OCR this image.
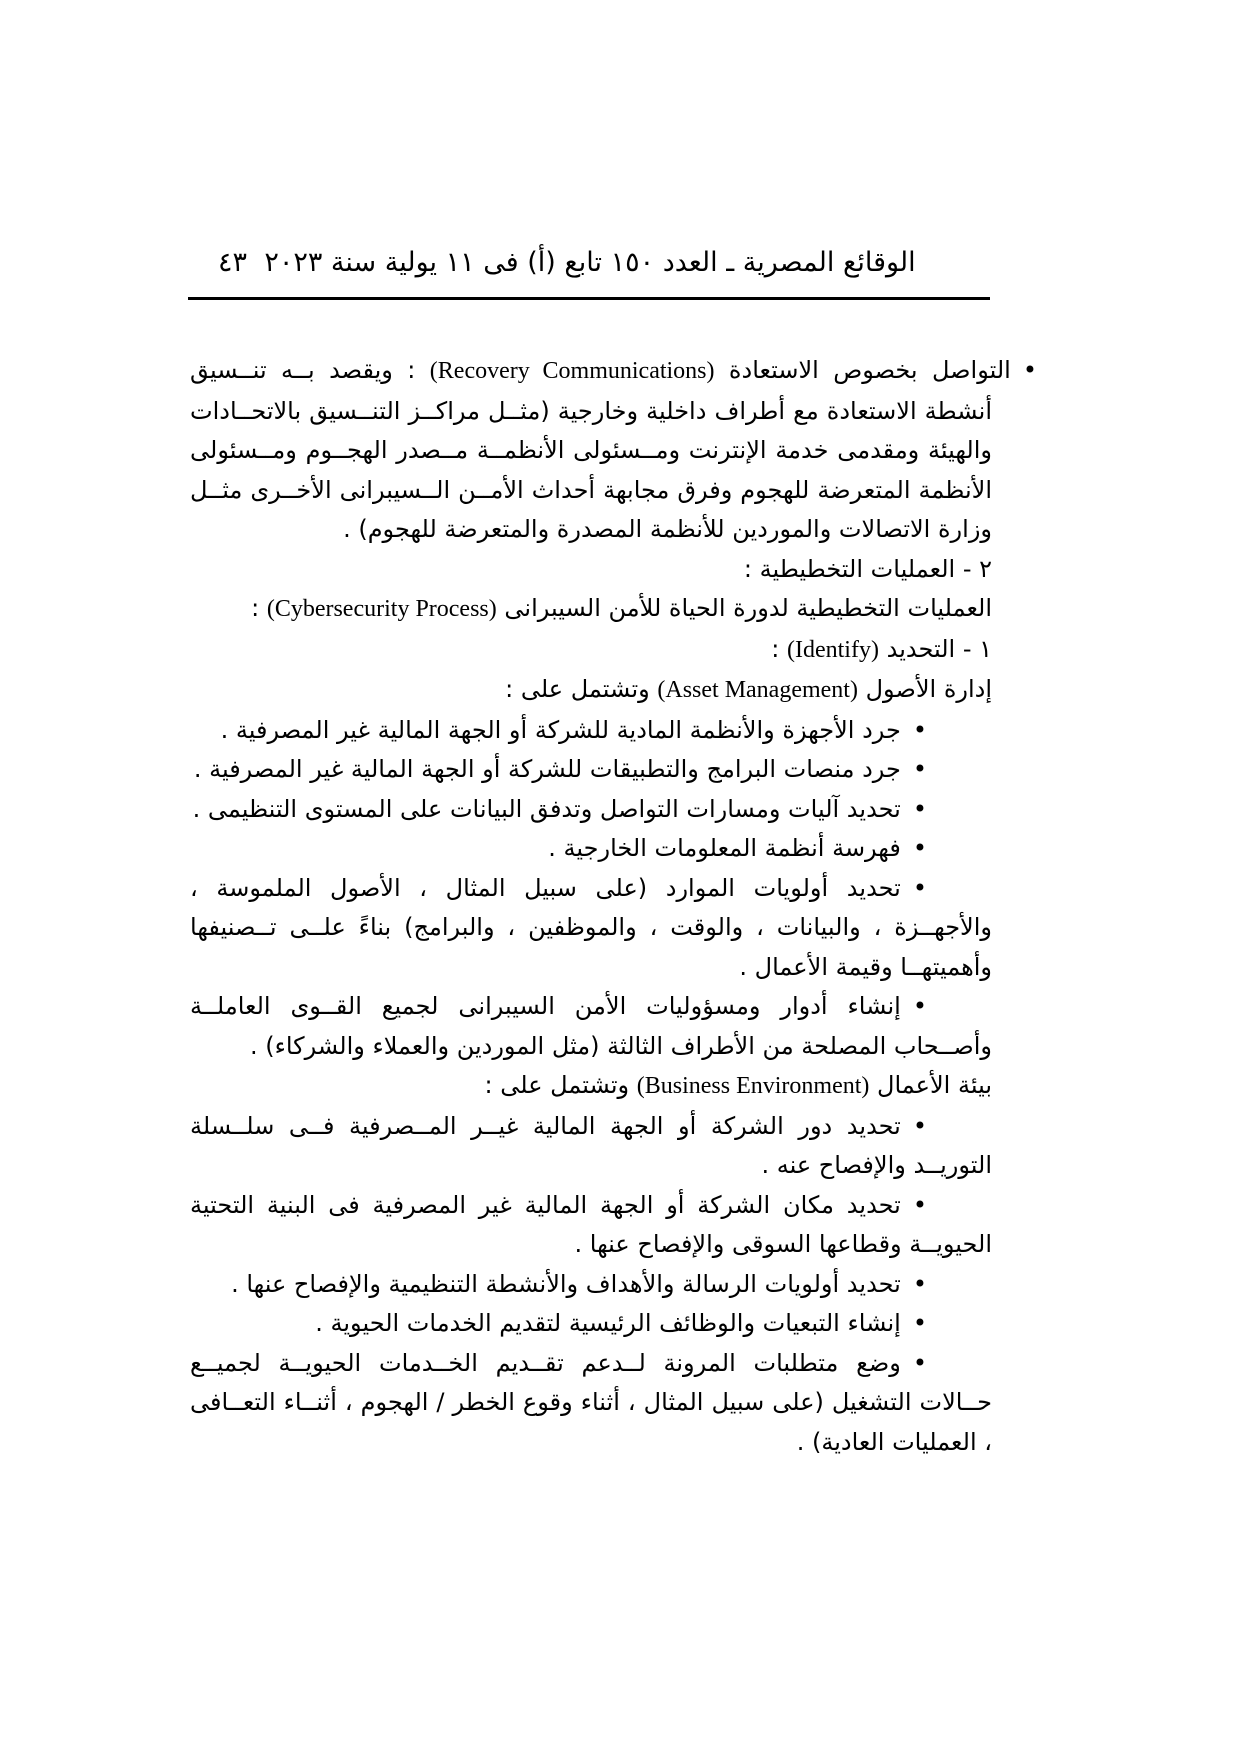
٤٣ الوقائع المصرية ـ العدد ١٥٠ تابع (أ) فى ١١ يولية سنة ٢٠٢٣

•التواصل بخصوص الاستعادة (Recovery Communications) : ويقصد بــه تنــسيق أنشطة الاستعادة مع أطراف داخلية وخارجية (مثــل مراكــز التنــسيق بالاتحــادات والهيئة ومقدمى خدمة الإنترنت ومــسئولى الأنظمــة مــصدر الهجــوم ومــسئولى الأنظمة المتعرضة للهجوم وفرق مجابهة أحداث الأمــن الــسيبرانى الأخــرى مثــل وزارة الاتصالات والموردين للأنظمة المصدرة والمتعرضة للهجوم) .

٢ - العمليات التخطيطية :

العمليات التخطيطية لدورة الحياة للأمن السيبرانى (Cybersecurity Process) :

١ - التحديد (Identify) :

إدارة الأصول (Asset Management) وتشتمل على :

•جرد الأجهزة والأنظمة المادية للشركة أو الجهة المالية غير المصرفية .

•جرد منصات البرامج والتطبيقات للشركة أو الجهة المالية غير المصرفية .

•تحديد آليات ومسارات التواصل وتدفق البيانات على المستوى التنظيمى .

•فهرسة أنظمة المعلومات الخارجية .

•تحديد أولويات الموارد (على سبيل المثال ، الأصول الملموسة ، والأجهــزة ، والبيانات ، والوقت ، والموظفين ، والبرامج) بناءً علــى تــصنيفها وأهميتهــا وقيمة الأعمال .

•إنشاء أدوار ومسؤوليات الأمن السيبرانى لجميع القــوى العاملــة وأصــحاب المصلحة من الأطراف الثالثة (مثل الموردين والعملاء والشركاء) .

بيئة الأعمال (Business Environment) وتشتمل على :

•تحديد دور الشركة أو الجهة المالية غيــر المــصرفية فــى سلــسلة التوريــد والإفصاح عنه .

•تحديد مكان الشركة أو الجهة المالية غير المصرفية فى البنية التحتية الحيويــة وقطاعها السوقى والإفصاح عنها .

•تحديد أولويات الرسالة والأهداف والأنشطة التنظيمية والإفصاح عنها .

•إنشاء التبعيات والوظائف الرئيسية لتقديم الخدمات الحيوية .

•وضع متطلبات المرونة لــدعم تقــديم الخــدمات الحيويــة لجميــع حــالات التشغيل (على سبيل المثال ، أثناء وقوع الخطر / الهجوم ، أثنــاء التعــافى ، العمليات العادية) .
